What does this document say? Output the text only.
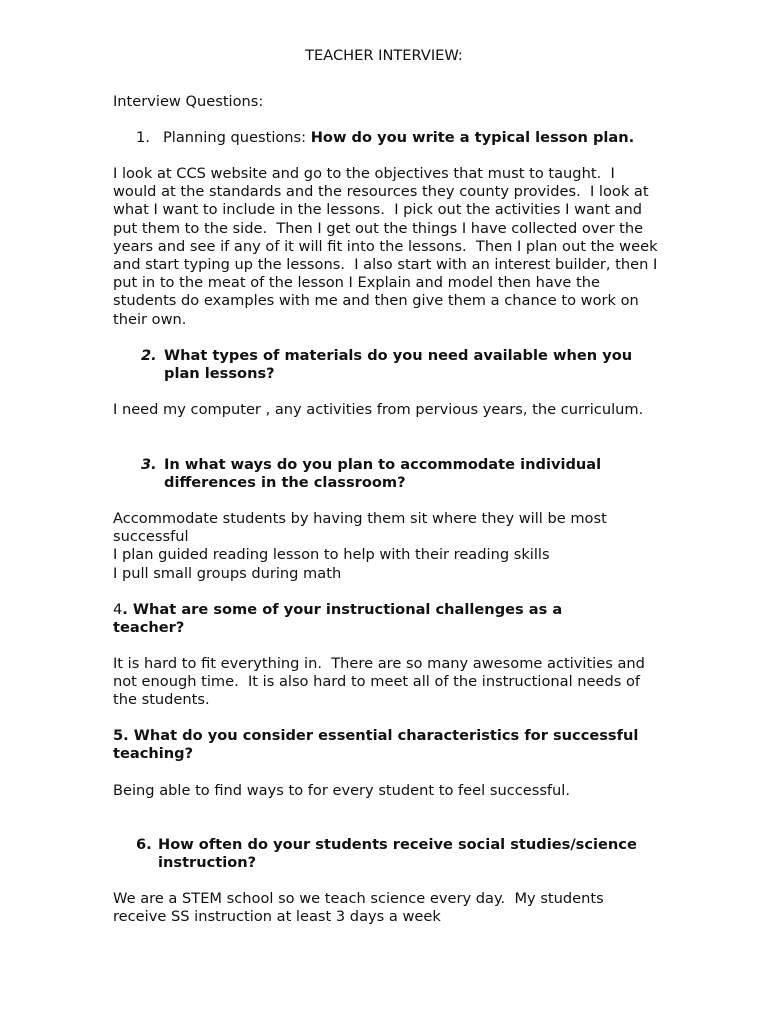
TEACHER INTERVIEW:

Interview Questions:

1. Planning questions: How do you write a typical lesson plan.

I look at CCS website and go to the objectives that must to taught.  I would at the standards and the resources they county provides.  I look at what I want to include in the lessons.  I pick out the activities I want and put them to the side.  Then I get out the things I have collected over the years and see if any of it will fit into the lessons.  Then I plan out the week and start typing up the lessons.  I also start with an interest builder, then I put in to the meat of the lesson I Explain and model then have the students do examples with me and then give them a chance to work on their own.

2. What types of materials do you need available when you plan lessons?

I need my computer , any activities from pervious years, the curriculum.

3. In what ways do you plan to accommodate individual differences in the classroom?

Accommodate students by having them sit where they will be most successful

I plan guided reading lesson to help with their reading skills

I pull small groups during math

4. What are some of your instructional challenges as a teacher?

It is hard to fit everything in.  There are so many awesome activities and not enough time.  It is also hard to meet all of the instructional needs of the students.

5. What do you consider essential characteristics for successful teaching?

Being able to find ways to for every student to feel successful.

6. How often do your students receive social studies/science instruction?

We are a STEM school so we teach science every day.  My students receive SS instruction at least 3 days a week
